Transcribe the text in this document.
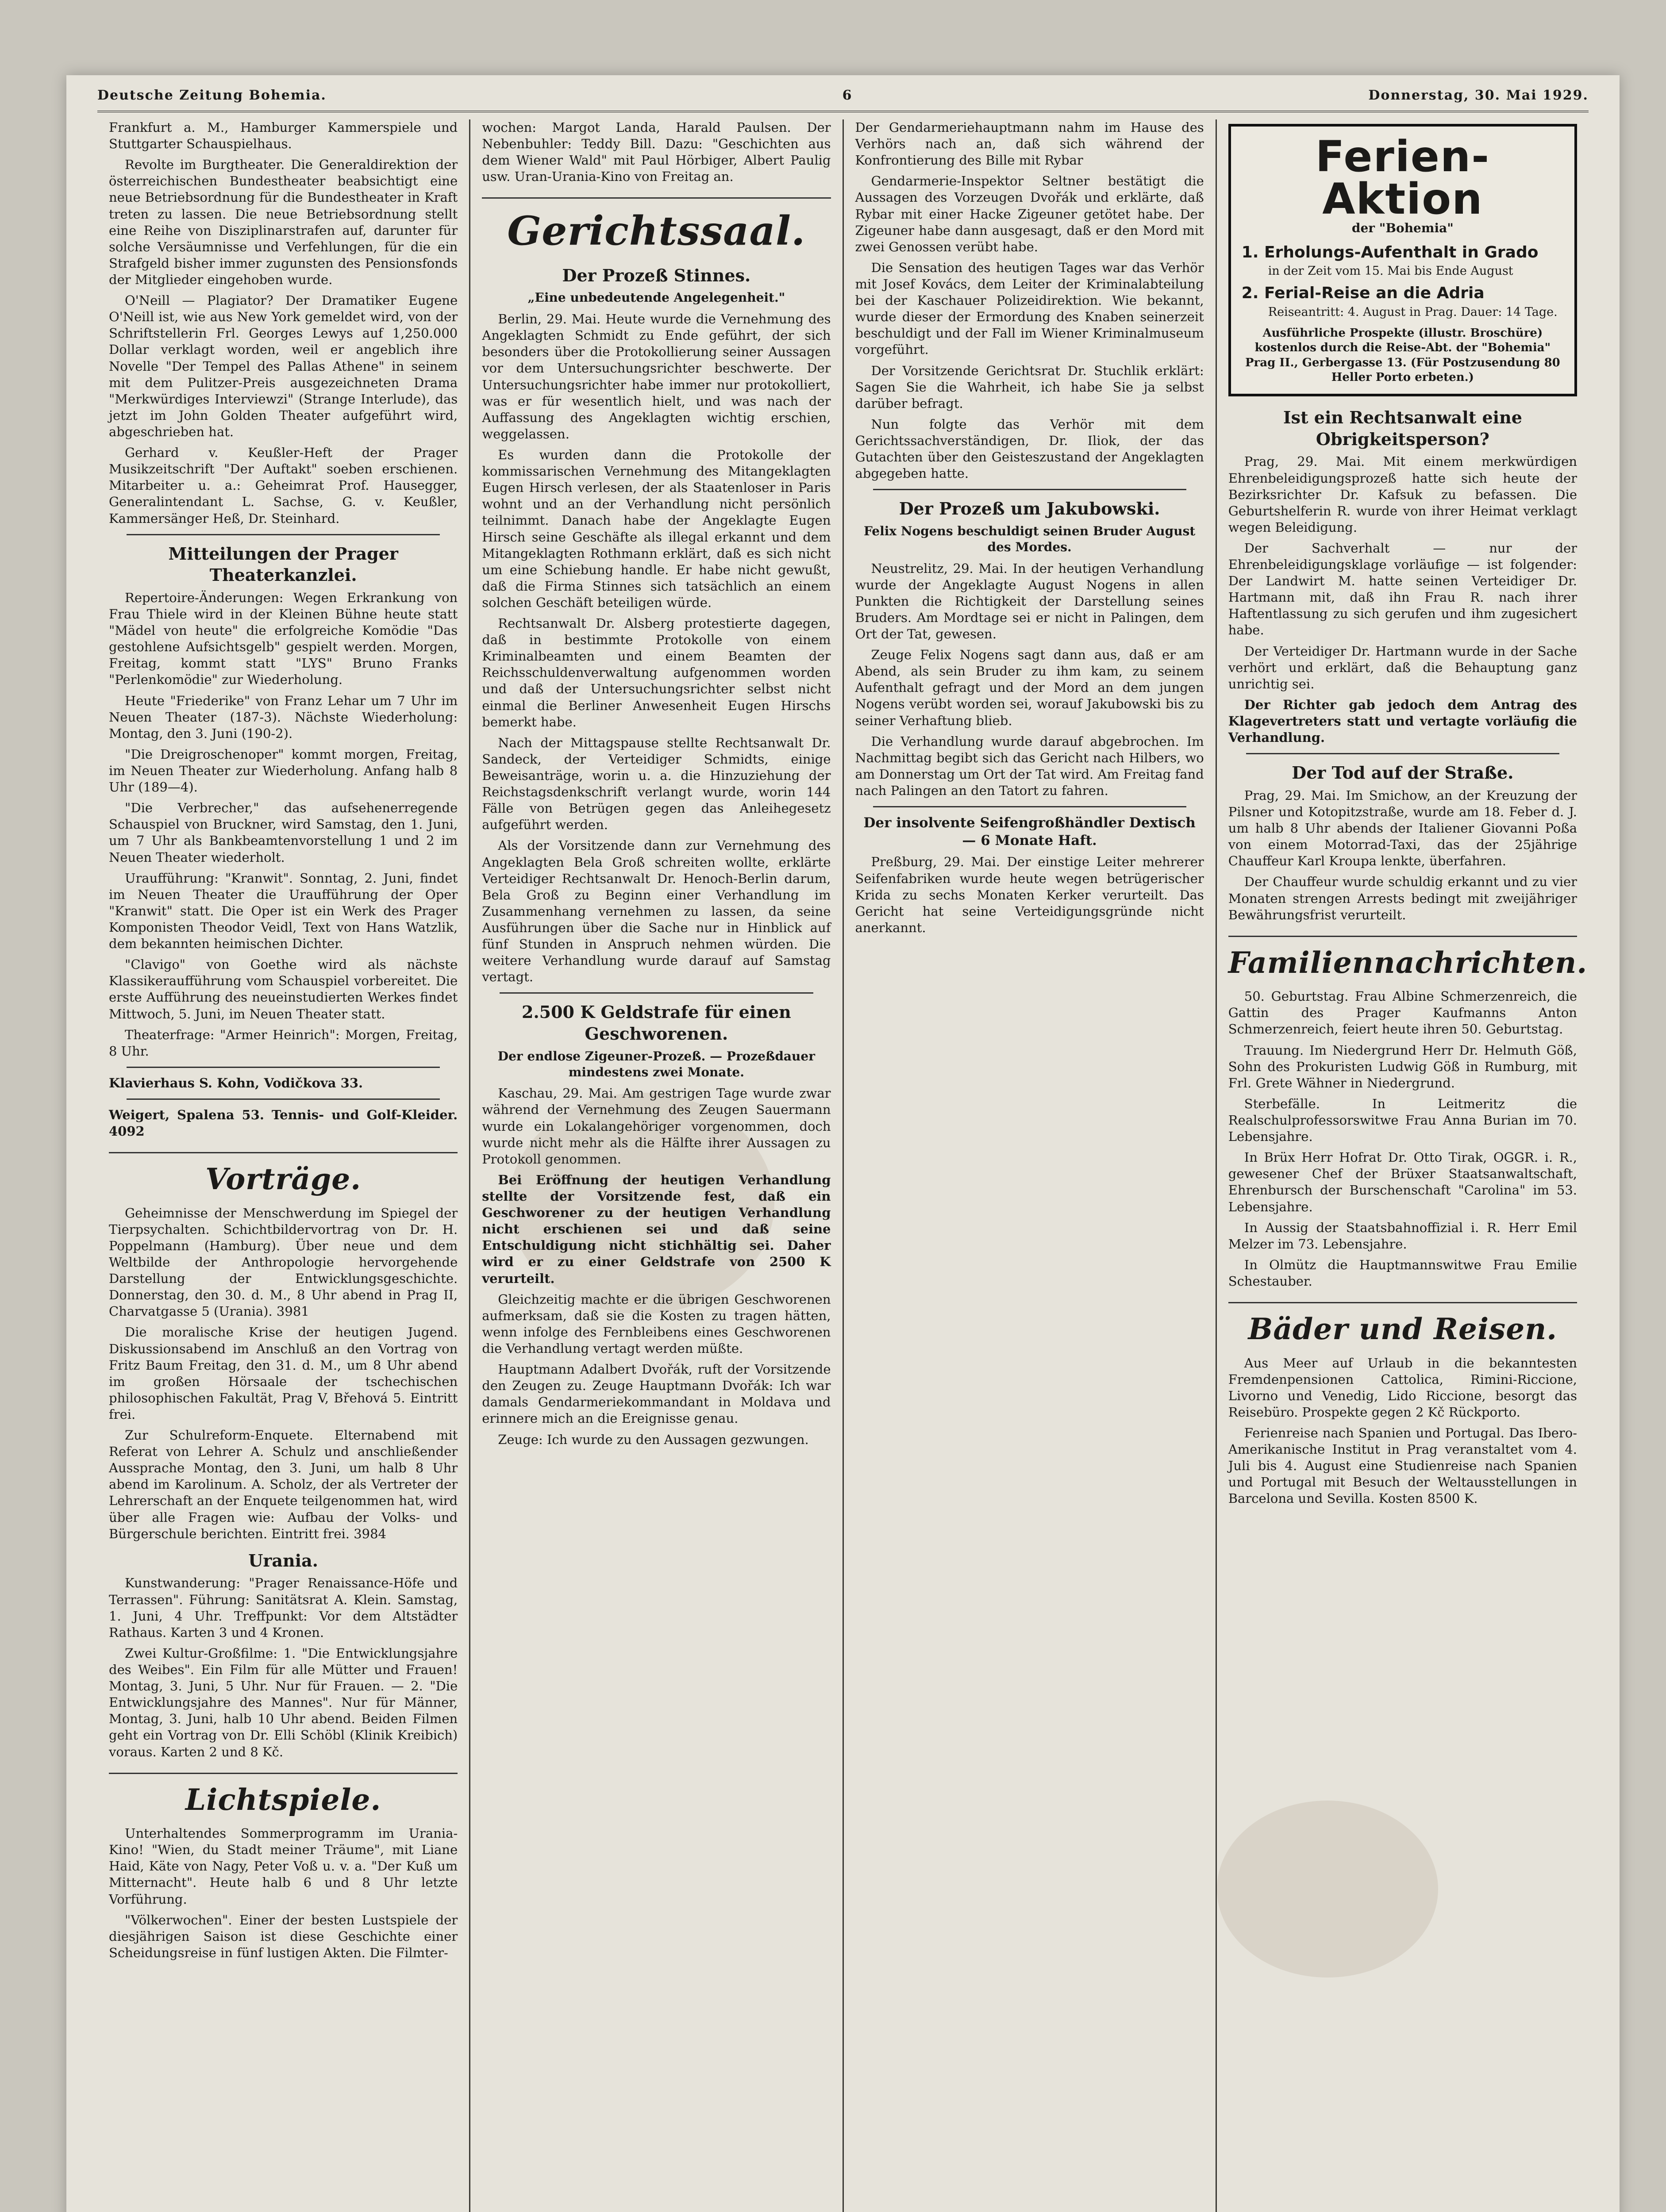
Deutsche Zeitung Bohemia.	6	Donnerstag, 30. Mai 1929.

Frankfurt a. M., Hamburger Kammerspiele und Stuttgarter Schauspielhaus.

Revolte im Burgtheater. Die Generaldirektion der österreichischen Bundestheater beabsichtigt eine neue Betriebsordnung für die Bundestheater in Kraft treten zu lassen. Die neue Betriebsordnung stellt eine Reihe von Disziplinarstrafen auf, darunter für solche Versäumnisse und Verfehlungen, für die ein Strafgeld bisher immer zugunsten des Pensionsfonds der Mitglieder eingehoben wurde.

O'Neill — Plagiator? Der Dramatiker Eugene O'Neill ist, wie aus New York gemeldet wird, von der Schriftstellerin Frl. Georges Lewys auf 1,250.000 Dollar verklagt worden, weil er angeblich ihre Novelle "Der Tempel des Pallas Athene" in seinem mit dem Pulitzer-Preis ausgezeichneten Drama "Merkwürdiges Interviewzi" (Strange Interlude), das jetzt im John Golden Theater aufgeführt wird, abgeschrieben hat.

Gerhard v. Keußler-Heft der Prager Musikzeitschrift "Der Auftakt" soeben erschienen. Mitarbeiter u. a.: Geheimrat Prof. Hausegger, Generalintendant L. Sachse, G. v. Keußler, Kammersänger Heß, Dr. Steinhard.

Mitteilungen der Prager Theaterkanzlei.

Repertoire-Änderungen: Wegen Erkrankung von Frau Thiele wird in der Kleinen Bühne heute statt "Mädel von heute" die erfolgreiche Komödie "Das gestohlene Aufsichtsgelb" gespielt werden. Morgen, Freitag, kommt statt "LYS" Bruno Franks "Perlenkomödie" zur Wiederholung.

Heute "Friederike" von Franz Lehar um 7 Uhr im Neuen Theater (187-3). Nächste Wiederholung: Montag, den 3. Juni (190-2).

"Die Dreigroschenoper" kommt morgen, Freitag, im Neuen Theater zur Wiederholung. Anfang halb 8 Uhr (189—4).

"Die Verbrecher," das aufsehenerregende Schauspiel von Bruckner, wird Samstag, den 1. Juni, um 7 Uhr als Bankbeamtenvorstellung 1 und 2 im Neuen Theater wiederholt.

Uraufführung: "Kranwit". Sonntag, 2. Juni, findet im Neuen Theater die Uraufführung der Oper "Kranwit" statt. Die Oper ist ein Werk des Prager Komponisten Theodor Veidl, Text von Hans Watzlik, dem bekannten heimischen Dichter.

"Clavigo" von Goethe wird als nächste Klassikeraufführung vom Schauspiel vorbereitet. Die erste Aufführung des neueinstudierten Werkes findet Mittwoch, 5. Juni, im Neuen Theater statt.

Theaterfrage: "Armer Heinrich": Morgen, Freitag, 8 Uhr.

Klavierhaus S. Kohn, Vodičkova 33.

Weigert, Spalena 53. Tennis- und Golf-Kleider. 4092

Vorträge.

Geheimnisse der Menschwerdung im Spiegel der Tierpsychalten. Schichtbildervortrag von Dr. H. Poppelmann (Hamburg). Über neue und dem Weltbilde der Anthropologie hervorgehende Darstellung der Entwicklungsgeschichte. Donnerstag, den 30. d. M., 8 Uhr abend in Prag II, Charvatgasse 5 (Urania). 3981

Die moralische Krise der heutigen Jugend. Diskussionsabend im Anschluß an den Vortrag von Fritz Baum Freitag, den 31. d. M., um 8 Uhr abend im großen Hörsaale der tschechischen philosophischen Fakultät, Prag V, Břehová 5. Eintritt frei.

Zur Schulreform-Enquete. Elternabend mit Referat von Lehrer A. Schulz und anschließender Aussprache Montag, den 3. Juni, um halb 8 Uhr abend im Karolinum. A. Scholz, der als Vertreter der Lehrerschaft an der Enquete teilgenommen hat, wird über alle Fragen wie: Aufbau der Volks- und Bürgerschule berichten. Eintritt frei. 3984

Urania.

Kunstwanderung: "Prager Renaissance-Höfe und Terrassen". Führung: Sanitätsrat A. Klein. Samstag, 1. Juni, 4 Uhr. Treffpunkt: Vor dem Altstädter Rathaus. Karten 3 und 4 Kronen.

Zwei Kultur-Großfilme: 1. "Die Entwicklungsjahre des Weibes". Ein Film für alle Mütter und Frauen! Montag, 3. Juni, 5 Uhr. Nur für Frauen. — 2. "Die Entwicklungsjahre des Mannes". Nur für Männer, Montag, 3. Juni, halb 10 Uhr abend. Beiden Filmen geht ein Vortrag von Dr. Elli Schöbl (Klinik Kreibich) voraus. Karten 2 und 8 Kč.

Lichtspiele.

Unterhaltendes Sommerprogramm im Urania-Kino! "Wien, du Stadt meiner Träume", mit Liane Haid, Käte von Nagy, Peter Voß u. v. a. "Der Kuß um Mitternacht". Heute halb 6 und 8 Uhr letzte Vorführung.

"Völkerwochen". Einer der besten Lustspiele der diesjährigen Saison ist diese Geschichte einer Scheidungsreise in fünf lustigen Akten. Die Filmter-

wochen: Margot Landa, Harald Paulsen. Der Nebenbuhler: Teddy Bill. Dazu: "Geschichten aus dem Wiener Wald" mit Paul Hörbiger, Albert Paulig usw. Uran-Urania-Kino von Freitag an.

Gerichtssaal.
Der Prozeß Stinnes.
„Eine unbedeutende Angelegenheit."

Berlin, 29. Mai. Heute wurde die Vernehmung des Angeklagten Schmidt zu Ende geführt, der sich besonders über die Protokollierung seiner Aussagen vor dem Untersuchungsrichter beschwerte. Der Untersuchungsrichter habe immer nur protokolliert, was er für wesentlich hielt, und was nach der Auffassung des Angeklagten wichtig erschien, weggelassen.

Es wurden dann die Protokolle der kommissarischen Vernehmung des Mitangeklagten Eugen Hirsch verlesen, der als Staatenloser in Paris wohnt und an der Verhandlung nicht persönlich teilnimmt. Danach habe der Angeklagte Eugen Hirsch seine Geschäfte als illegal erkannt und dem Mitangeklagten Rothmann erklärt, daß es sich nicht um eine Schiebung handle. Er habe nicht gewußt, daß die Firma Stinnes sich tatsächlich an einem solchen Geschäft beteiligen würde.

Rechtsanwalt Dr. Alsberg protestierte dagegen, daß in bestimmte Protokolle von einem Kriminalbeamten und einem Beamten der Reichsschuldenverwaltung aufgenommen worden und daß der Untersuchungsrichter selbst nicht einmal die Berliner Anwesenheit Eugen Hirschs bemerkt habe.

Nach der Mittagspause stellte Rechtsanwalt Dr. Sandeck, der Verteidiger Schmidts, einige Beweisanträge, worin u. a. die Hinzuziehung der Reichstagsdenkschrift verlangt wurde, worin 144 Fälle von Betrügen gegen das Anleihegesetz aufgeführt werden.

Als der Vorsitzende dann zur Vernehmung des Angeklagten Bela Groß schreiten wollte, erklärte Verteidiger Rechtsanwalt Dr. Henoch-Berlin darum, Bela Groß zu Beginn einer Verhandlung im Zusammenhang vernehmen zu lassen, da seine Ausführungen über die Sache nur in Hinblick auf fünf Stunden in Anspruch nehmen würden. Die weitere Verhandlung wurde darauf auf Samstag vertagt.

2.500 K Geldstrafe für einen Geschworenen.
Der endlose Zigeuner-Prozeß. — Prozeßdauer mindestens zwei Monate.

Kaschau, 29. Mai. Am gestrigen Tage wurde zwar während der Vernehmung des Zeugen Sauermann wurde ein Lokalangehöriger vorgenommen, doch wurde nicht mehr als die Hälfte ihrer Aussagen zu Protokoll genommen.

Bei Eröffnung der heutigen Verhandlung stellte der Vorsitzende fest, daß ein Geschworener zu der heutigen Verhandlung nicht erschienen sei und daß seine Entschuldigung nicht stichhältig sei. Daher wird er zu einer Geldstrafe von 2500 K verurteilt.

Gleichzeitig machte er die übrigen Geschworenen aufmerksam, daß sie die Kosten zu tragen hätten, wenn infolge des Fernbleibens eines Geschworenen die Verhandlung vertagt werden müßte.

Hauptmann Adalbert Dvořák, ruft der Vorsitzende den Zeugen zu. Zeuge Hauptmann Dvořák: Ich war damals Gendarmeriekommandant in Moldava und erinnere mich an die Ereignisse genau.

Zeuge: Ich wurde zu den Aussagen gezwungen.

Der Gendarmeriehauptmann nahm im Hause des Verhörs nach an, daß sich während der Konfrontierung des Bille mit Rybar

Gendarmerie-Inspektor Seltner bestätigt die Aussagen des Vorzeugen Dvořák und erklärte, daß Rybar mit einer Hacke Zigeuner getötet habe. Der Zigeuner habe dann ausgesagt, daß er den Mord mit zwei Genossen verübt habe.

Die Sensation des heutigen Tages war das Verhör mit Josef Kovács, dem Leiter der Kriminalabteilung bei der Kaschauer Polizeidirektion. Wie bekannt, wurde dieser der Ermordung des Knaben seinerzeit beschuldigt und der Fall im Wiener Kriminalmuseum vorgeführt.

Der Vorsitzende Gerichtsrat Dr. Stuchlik erklärt: Sagen Sie die Wahrheit, ich habe Sie ja selbst darüber befragt.

Nun folgte das Verhör mit dem Gerichtssachverständigen, Dr. Iliok, der das Gutachten über den Geisteszustand der Angeklagten abgegeben hatte.

Der Prozeß um Jakubowski.
Felix Nogens beschuldigt seinen Bruder August des Mordes.

Neustrelitz, 29. Mai. In der heutigen Verhandlung wurde der Angeklagte August Nogens in allen Punkten die Richtigkeit der Darstellung seines Bruders. Am Mordtage sei er nicht in Palingen, dem Ort der Tat, gewesen.

Zeuge Felix Nogens sagt dann aus, daß er am Abend, als sein Bruder zu ihm kam, zu seinem Aufenthalt gefragt und der Mord an dem jungen Nogens verübt worden sei, worauf Jakubowski bis zu seiner Verhaftung blieb.

Die Verhandlung wurde darauf abgebrochen. Im Nachmittag begibt sich das Gericht nach Hilbers, wo am Donnerstag um Ort der Tat wird. Am Freitag fand nach Palingen an den Tatort zu fahren.

Der insolvente Seifengroßhändler Dextisch — 6 Monate Haft.

Preßburg, 29. Mai. Der einstige Leiter mehrerer Seifenfabriken wurde heute wegen betrügerischer Krida zu sechs Monaten Kerker verurteilt. Das Gericht hat seine Verteidigungsgründe nicht anerkannt.

Ferien-Aktion
der "Bohemia"
1. Erholungs-Aufenthalt in Grado
in der Zeit vom 15. Mai bis Ende August
2. Ferial-Reise an die Adria
Reiseantritt: 4. August in Prag. Dauer: 14 Tage.
Ausführliche Prospekte (illustr. Broschüre) kostenlos durch die Reise-Abt. der "Bohemia" Prag II., Gerbergasse 13. (Für Postzusendung 80 Heller Porto erbeten.)
Ist ein Rechtsanwalt eine Obrigkeitsperson?

Prag, 29. Mai. Mit einem merkwürdigen Ehrenbeleidigungsprozeß hatte sich heute der Bezirksrichter Dr. Kafsuk zu befassen. Die Geburtshelferin R. wurde von ihrer Heimat verklagt wegen Beleidigung.

Der Sachverhalt — nur der Ehrenbeleidigungsklage vorläufige — ist folgender: Der Landwirt M. hatte seinen Verteidiger Dr. Hartmann mit, daß ihn Frau R. nach ihrer Haftentlassung zu sich gerufen und ihm zugesichert habe.

Der Verteidiger Dr. Hartmann wurde in der Sache verhört und erklärt, daß die Behauptung ganz unrichtig sei.

Der Richter gab jedoch dem Antrag des Klagevertreters statt und vertagte vorläufig die Verhandlung.

Der Tod auf der Straße.

Prag, 29. Mai. Im Smichow, an der Kreuzung der Pilsner und Kotopitzstraße, wurde am 18. Feber d. J. um halb 8 Uhr abends der Italiener Giovanni Poßa von einem Motorrad-Taxi, das der 25jährige Chauffeur Karl Kroupa lenkte, überfahren.

Der Chauffeur wurde schuldig erkannt und zu vier Monaten strengen Arrests bedingt mit zweijähriger Bewährungsfrist verurteilt.

Familiennachrichten.

50. Geburtstag. Frau Albine Schmerzenreich, die Gattin des Prager Kaufmanns Anton Schmerzenreich, feiert heute ihren 50. Geburtstag.

Trauung. Im Niedergrund Herr Dr. Helmuth Göß, Sohn des Prokuristen Ludwig Göß in Rumburg, mit Frl. Grete Wähner in Niedergrund.

Sterbefälle. In Leitmeritz die Realschulprofessorswitwe Frau Anna Burian im 70. Lebensjahre.

In Brüx Herr Hofrat Dr. Otto Tirak, OGGR. i. R., gewesener Chef der Brüxer Staatsanwaltschaft, Ehrenbursch der Burschenschaft "Carolina" im 53. Lebensjahre.

In Aussig der Staatsbahnoffizial i. R. Herr Emil Melzer im 73. Lebensjahre.

In Olmütz die Hauptmannswitwe Frau Emilie Schestauber.

Bäder und Reisen.

Aus Meer auf Urlaub in die bekanntesten Fremdenpensionen Cattolica, Rimini-Riccione, Livorno und Venedig, Lido Riccione, besorgt das Reisebüro. Prospekte gegen 2 Kč Rückporto.

Ferienreise nach Spanien und Portugal. Das Ibero-Amerikanische Institut in Prag veranstaltet vom 4. Juli bis 4. August eine Studienreise nach Spanien und Portugal mit Besuch der Weltausstellungen in Barcelona und Sevilla. Kosten 8500 K.
